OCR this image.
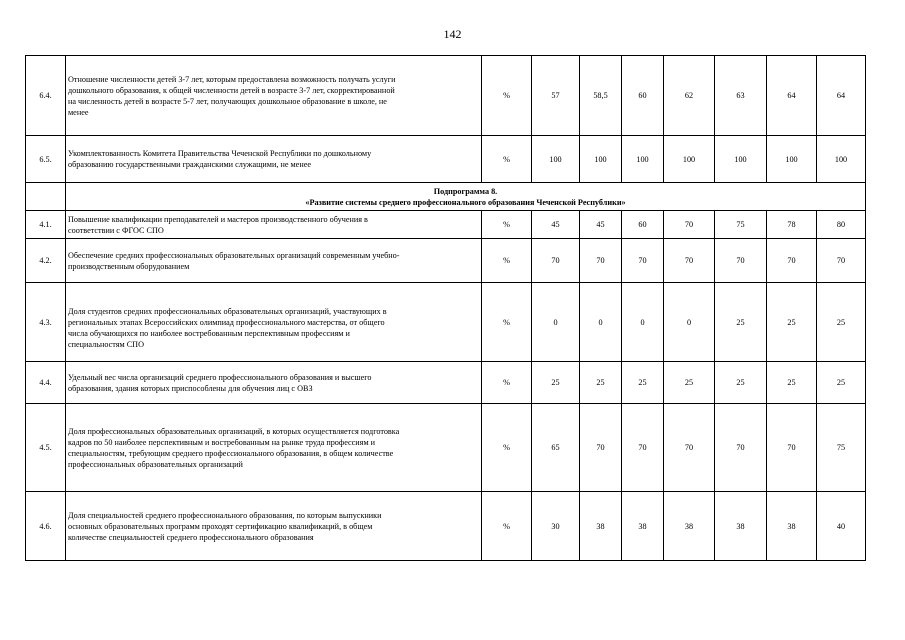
142
6.4.	Отношение численности детей 3-7 лет, которым предоставлена возможность получать услуги
дошкольного образования, к общей численности детей в возрасте 3-7 лет, скорректированной
на численность детей в возрасте 5-7 лет, получающих дошкольное образование в школе, не
менее	%	57	58,5	60	62	63	64	64
6.5.	Укомплектованность Комитета Правительства Чеченской Республики по дошкольному
образованию государственными гражданскими служащими, не менее	%	100	100	100	100	100	100	100

	Подпрограмма 8.
«Развитие системы среднего профессионального образования Чеченской Республики»								

4.1.	Повышение квалификации преподавателей и мастеров производственного обучения в
соответствии с ФГОС СПО	%	45	45	60	70	75	78	80
4.2.	Обеспечение средних профессиональных образовательных организаций современным учебно-
производственным оборудованием	%	70	70	70	70	70	70	70
4.3.	Доля студентов средних профессиональных образовательных организаций, участвующих в
региональных этапах Всероссийских олимпиад профессионального мастерства, от общего
числа обучающихся по наиболее востребованным перспективным профессиям и
специальностям СПО	%	0	0	0	0	25	25	25
4.4.	Удельный вес числа организаций среднего профессионального образования и высшего
образования, здания которых приспособлены для обучения лиц с ОВЗ	%	25	25	25	25	25	25	25
4.5.	Доля профессиональных образовательных организаций, в которых осуществляется подготовка
кадров по 50 наиболее перспективным и востребованным на рынке труда профессиям и
специальностям, требующим среднего профессионального образования, в общем количестве
профессиональных образовательных организаций	%	65	70	70	70	70	70	75
4.6.	Доля специальностей среднего профессионального образования, по которым выпускники
основных образовательных программ проходят сертификацию квалификаций, в общем
количестве специальностей среднего профессионального образования	%	30	38	38	38	38	38	40
